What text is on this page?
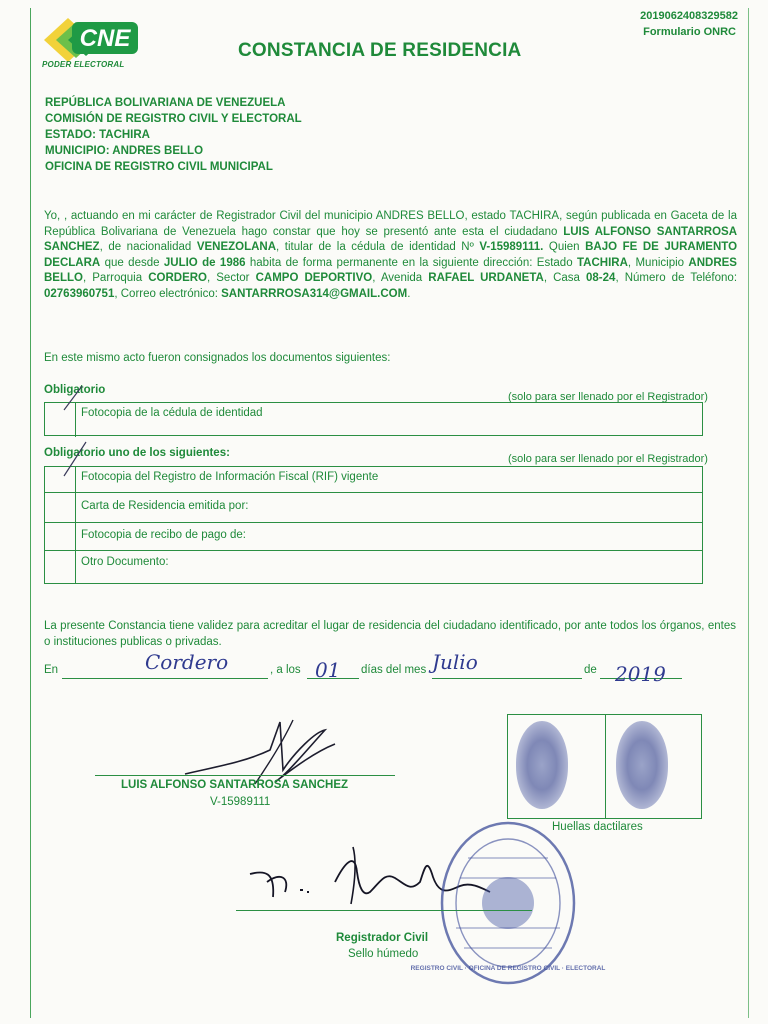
CNE
PODER ELECTORAL
2019062408329582
Formulario ONRC
CONSTANCIA DE RESIDENCIA
REPÚBLICA BOLIVARIANA DE VENEZUELA
COMISIÓN DE REGISTRO CIVIL Y ELECTORAL
ESTADO: TACHIRA
MUNICIPIO: ANDRES BELLO
OFICINA DE REGISTRO CIVIL MUNICIPAL
Yo, , actuando en mi carácter de Registrador Civil del municipio ANDRES BELLO, estado TACHIRA, según publicada en Gaceta de la República Bolivariana de Venezuela hago constar que hoy se presentó ante esta el ciudadano LUIS ALFONSO SANTARROSA SANCHEZ, de nacionalidad VENEZOLANA, titular de la cédula de identidad Nº V-15989111. Quien BAJO FE DE JURAMENTO DECLARA que desde JULIO de 1986 habita de forma permanente en la siguiente dirección: Estado TACHIRA, Municipio ANDRES BELLO, Parroquia CORDERO, Sector CAMPO DEPORTIVO, Avenida RAFAEL URDANETA, Casa 08-24, Número de Teléfono: 02763960751, Correo electrónico: SANTARRROSA314@GMAIL.COM.
En este mismo acto fueron consignados los documentos siguientes:
Obligatorio
(solo para ser llenado por el Registrador)
Fotocopia de la cédula de identidad
Obligatorio uno de los siguientes:	(solo para ser llenado por el Registrador)
Fotocopia del Registro de Información Fiscal (RIF) vigente
Carta de Residencia emitida por:
Fotocopia de recibo de pago de:
Otro Documento:
La presente Constancia tiene validez para acreditar el lugar de residencia del ciudadano identificado, por ante todos los órganos, entes o instituciones publicas o privadas.
En	Cordero	, a los 01 días del mes Julio	de 2019
LUIS ALFONSO SANTARROSA SANCHEZ
V-15989111
Huellas dactilares
REGISTRO CIVIL · OFICINA DE REGISTRO CIVIL · ELECTORAL
Registrador Civil
Sello húmedo
